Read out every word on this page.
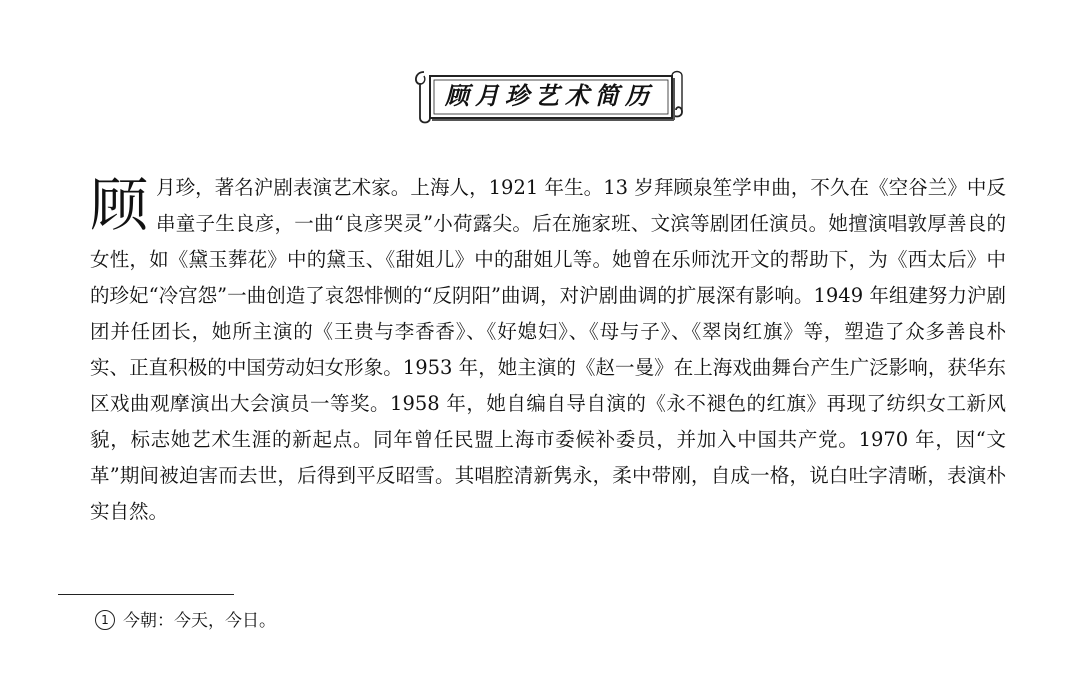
顾月珍艺术简历
顾 月珍，著名沪剧表演艺术家。上海人，1921 年生。13 岁拜顾泉笙学申曲，不久在《空谷兰》中反串童子生良彦，一曲“良彦哭灵”小荷露尖。后在施家班、文滨等剧团任演员。她擅演唱敦厚善良的女性，如《黛玉葬花》中的黛玉、《甜姐儿》中的甜姐儿等。她曾在乐师沈开文的帮助下，为《西太后》中的珍妃“冷宫怨”一曲创造了哀怨悱恻的“反阴阳”曲调，对沪剧曲调的扩展深有影响。1949 年组建努力沪剧团并任团长，她所主演的《王贵与李香香》、《好媳妇》、《母与子》、《翠岗红旗》等，塑造了众多善良朴实、正直积极的中国劳动妇女形象。1953 年，她主演的《赵一曼》在上海戏曲舞台产生广泛影响，获华东区戏曲观摩演出大会演员一等奖。1958 年，她自编自导自演的《永不褪色的红旗》再现了纺织女工新风貌，标志她艺术生涯的新起点。同年曾任民盟上海市委候补委员，并加入中国共产党。1970 年，因“文革”期间被迫害而去世，后得到平反昭雪。其唱腔清新隽永，柔中带刚，自成一格，说白吐字清晰，表演朴实自然。
1 今朝：今天，今日。
